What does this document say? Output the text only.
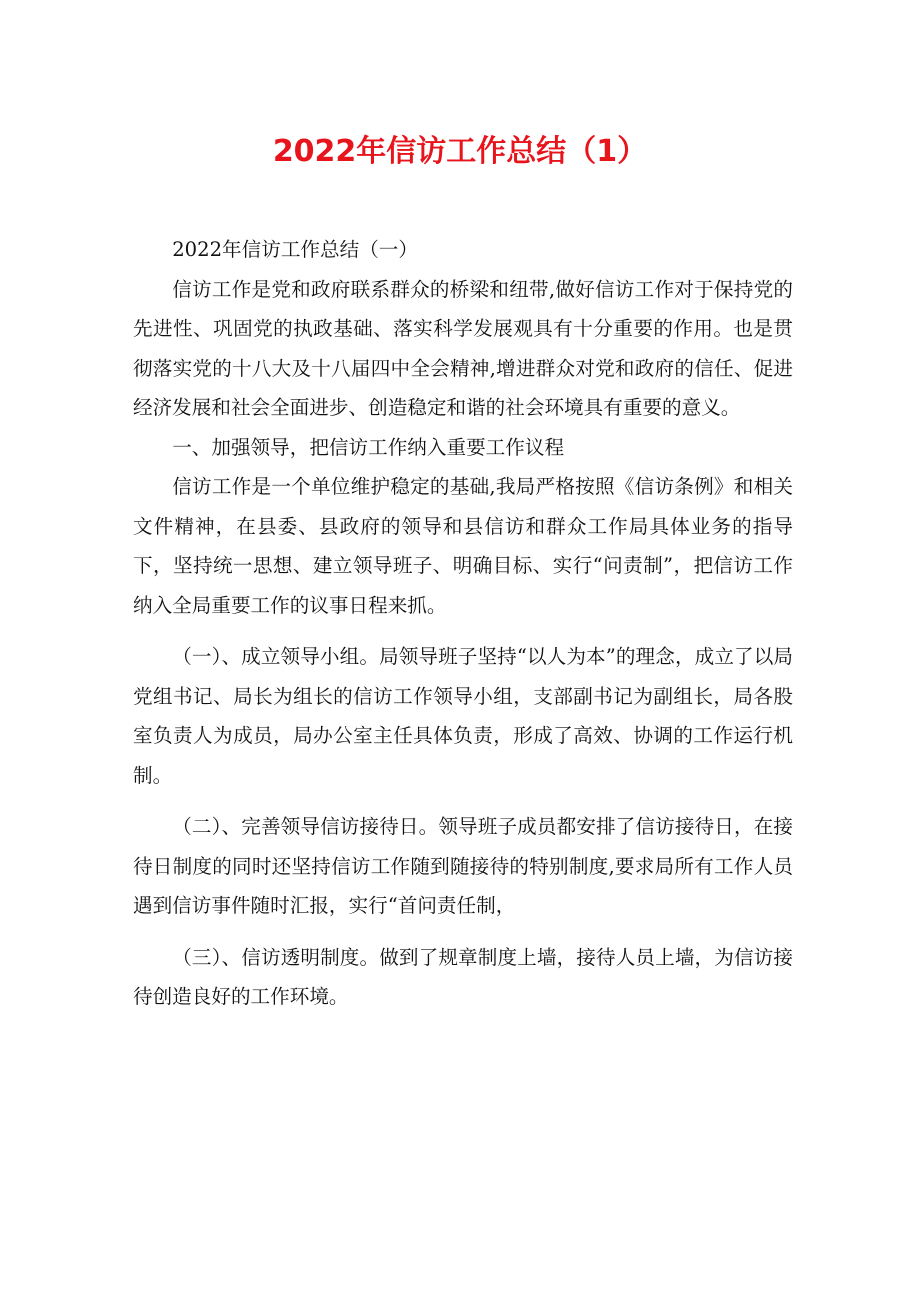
2022年信访工作总结（1）

2022年信访工作总结（一）

信访工作是党和政府联系群众的桥梁和纽带,做好信访工作对于保持党的先进性、巩固党的执政基础、落实科学发展观具有十分重要的作用。也是贯彻落实党的十八大及十八届四中全会精神,增进群众对党和政府的信任、促进经济发展和社会全面进步、创造稳定和谐的社会环境具有重要的意义。

一、加强领导，把信访工作纳入重要工作议程

信访工作是一个单位维护稳定的基础,我局严格按照《信访条例》和相关文件精神，在县委、县政府的领导和县信访和群众工作局具体业务的指导下，坚持统一思想、建立领导班子、明确目标、实行“问责制”，把信访工作纳入全局重要工作的议事日程来抓。

（一）、成立领导小组。局领导班子坚持“以人为本”的理念，成立了以局党组书记、局长为组长的信访工作领导小组，支部副书记为副组长，局各股室负责人为成员，局办公室主任具体负责，形成了高效、协调的工作运行机制。

（二）、完善领导信访接待日。领导班子成员都安排了信访接待日，在接待日制度的同时还坚持信访工作随到随接待的特别制度,要求局所有工作人员遇到信访事件随时汇报，实行“首问责任制，

（三）、信访透明制度。做到了规章制度上墙，接待人员上墙，为信访接待创造良好的工作环境。
